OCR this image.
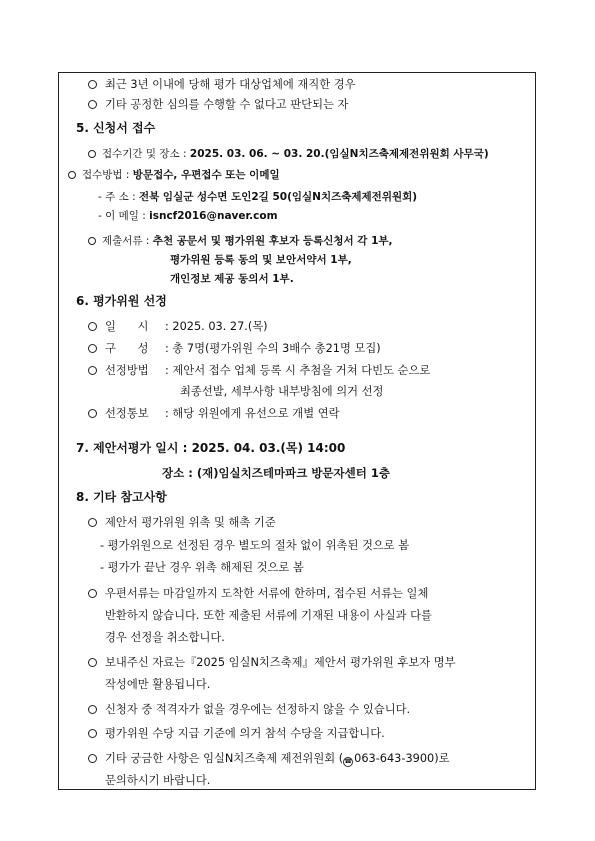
최근 3년 이내에 당해 평가 대상업체에 재직한 경우
기타 공정한 심의를 수행할 수 없다고 판단되는 자
5. 신청서 접수
접수기간 및 장소 : 2025. 03. 06. ~ 03. 20.(임실N치즈축제제전위원회 사무국)
접수방법 : 방문접수, 우편접수 또는 이메일
- 주 소 : 전북 임실군 성수면 도인2길 50(임실N치즈축제제전위원회)
- 이 메일 : isncf2016@naver.com
제출서류 : 추천 공문서 및 평가위원 후보자 등록신청서 각 1부,
평가위원 등록 동의 및 보안서약서 1부,
개인정보 제공 동의서 1부.
6. 평가위원 선정
일      시 : 2025. 03. 27.(목)
구      성 : 총 7명(평가위원 수의 3배수 총21명 모집)
선정방법 : 제안서 접수 업체 등록 시 추첨을 거쳐 다빈도 순으로
최종선발, 세부사항 내부방침에 의거 선정
선정통보 : 해당 위원에게 유선으로 개별 연락
7. 제안서평가 일시 : 2025. 04. 03.(목) 14:00
장소 : (재)임실치즈테마파크 방문자센터 1층
8. 기타 참고사항
제안서 평가위원 위촉 및 해촉 기준
- 평가위원으로 선정된 경우 별도의 절차 없이 위촉된 것으로 봄
- 평가가 끝난 경우 위촉 해제된 것으로 봄
우편서류는 마감일까지 도착한 서류에 한하며, 접수된 서류는 일체
반환하지 않습니다. 또한 제출된 서류에 기재된 내용이 사실과 다를
경우 선정을 취소합니다.
보내주신 자료는『2025 임실N치즈축제』제안서 평가위원 후보자 명부
작성에만 활용됩니다.
신청자 중 적격자가 없을 경우에는 선정하지 않을 수 있습니다.
평가위원 수당 지급 기준에 의거 참석 수당을 지급합니다.
기타 궁금한 사항은 임실N치즈축제 제전위원회 (☎ 063-643-3900)로
문의하시기 바랍니다.
